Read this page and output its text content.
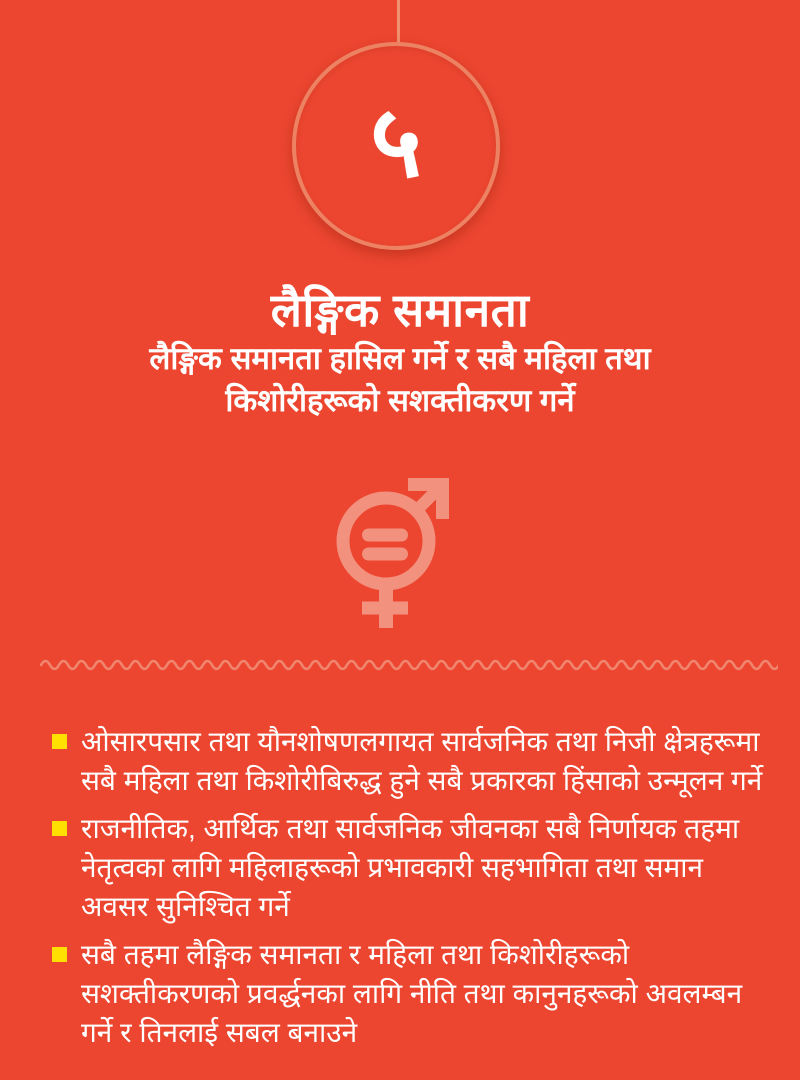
५
लैङ्गिक समानता
लैङ्गिक समानता हासिल गर्ने र सबै महिला तथा
किशोरीहरूको सशक्तीकरण गर्ने
ओसारपसार तथा यौनशोषणलगायत सार्वजनिक तथा निजी क्षेत्रहरूमा सबै महिला तथा किशोरीबिरुद्ध हुने सबै प्रकारका हिंसाको उन्मूलन गर्ने
राजनीतिक, आर्थिक तथा सार्वजनिक जीवनका सबै निर्णायक तहमा नेतृत्वका लागि महिलाहरूको प्रभावकारी सहभागिता तथा समान अवसर सुनिश्चित गर्ने
सबै तहमा लैङ्गिक समानता र महिला तथा किशोरीहरूको सशक्तीकरणको प्रवर्द्धनका लागि नीति तथा कानुनहरूको अवलम्बन गर्ने र तिनलाई सबल बनाउने
